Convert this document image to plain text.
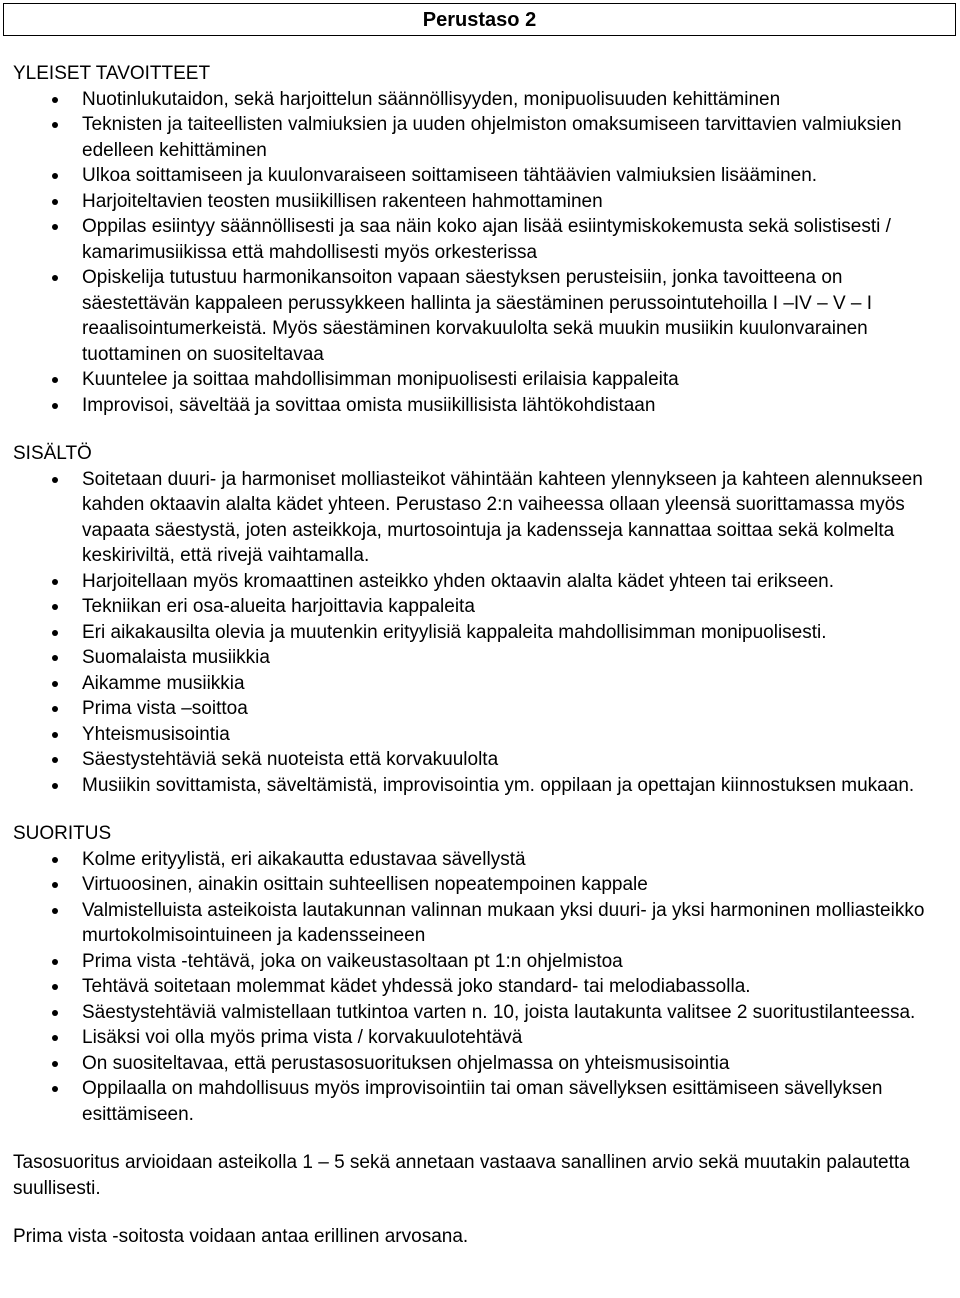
Perustaso 2
YLEISET TAVOITTEET
Nuotinlukutaidon, sekä harjoittelun säännöllisyyden, monipuolisuuden kehittäminen
Teknisten ja taiteellisten valmiuksien ja uuden ohjelmiston omaksumiseen tarvittavien valmiuksien edelleen kehittäminen
Ulkoa soittamiseen ja kuulonvaraiseen soittamiseen tähtäävien valmiuksien lisääminen.
Harjoiteltavien teosten musiikillisen rakenteen hahmottaminen
Oppilas esiintyy säännöllisesti ja saa näin koko ajan lisää esiintymiskokemusta sekä solistisesti / kamarimusiikissa että mahdollisesti myös orkesterissa
Opiskelija tutustuu harmonikansoiton vapaan säestyksen perusteisiin, jonka tavoitteena on säestettävän kappaleen perussykkeen hallinta ja säestäminen perussointutehoilla I –IV – V – I reaalisointumerkeistä. Myös säestäminen korvakuulolta sekä muukin musiikin kuulonvarainen tuottaminen on suositeltavaa
Kuuntelee ja soittaa mahdollisimman monipuolisesti erilaisia kappaleita
Improvisoi, säveltää ja sovittaa omista musiikillisista lähtökohdistaan
SISÄLTÖ
Soitetaan duuri- ja harmoniset molliasteikot vähintään kahteen ylennykseen ja kahteen alennukseen kahden oktaavin alalta kädet yhteen. Perustaso 2:n vaiheessa ollaan yleensä suorittamassa myös vapaata säestystä, joten asteikkoja, murtosointuja ja kadensseja kannattaa soittaa sekä kolmelta keskiriviltä, että rivejä vaihtamalla.
Harjoitellaan myös kromaattinen asteikko yhden oktaavin alalta kädet yhteen tai erikseen.
Tekniikan eri osa-alueita harjoittavia kappaleita
Eri aikakausilta olevia ja muutenkin erityylisiä kappaleita mahdollisimman monipuolisesti.
Suomalaista musiikkia
Aikamme musiikkia
Prima vista –soittoa
Yhteismusisointia
Säestystehtäviä sekä nuoteista että korvakuulolta
Musiikin sovittamista, säveltämistä, improvisointia ym. oppilaan ja opettajan kiinnostuksen mukaan.
SUORITUS
Kolme erityylistä, eri aikakautta edustavaa sävellystä
Virtuoosinen, ainakin osittain suhteellisen nopeatempoinen kappale
Valmistelluista asteikoista lautakunnan valinnan mukaan yksi duuri- ja yksi harmoninen molliasteikko murtokolmisointuineen ja kadensseineen
Prima vista -tehtävä, joka on vaikeustasoltaan pt 1:n ohjelmistoa
Tehtävä soitetaan molemmat kädet yhdessä joko standard- tai melodiabassolla.
Säestystehtäviä valmistellaan tutkintoa varten n. 10, joista lautakunta valitsee 2 suoritustilanteessa.
Lisäksi voi olla myös prima vista / korvakuulotehtävä
On suositeltavaa, että perustasosuorituksen ohjelmassa on yhteismusisointia
Oppilaalla on mahdollisuus myös improvisointiin tai oman sävellyksen esittämiseen sävellyksen esittämiseen.

Tasosuoritus arvioidaan asteikolla 1 – 5 sekä annetaan vastaava sanallinen arvio sekä muutakin palautetta suullisesti.

Prima vista -soitosta voidaan antaa erillinen arvosana.
